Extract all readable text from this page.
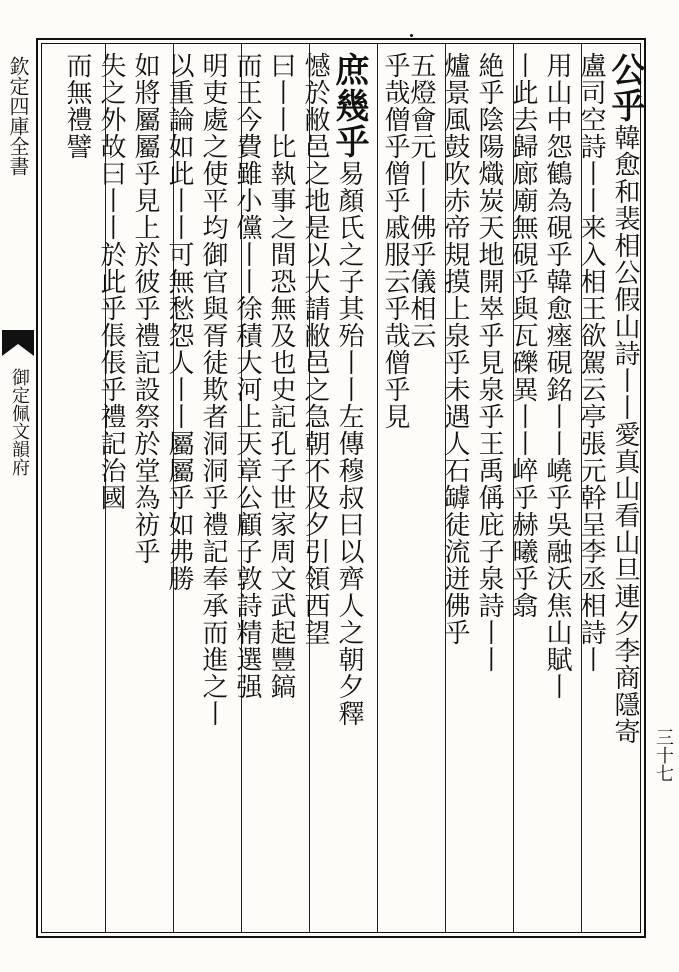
欽定四庫全書
御定佩文韻府
公乎韓愈和裴相公假山詩丨丨愛真山看山旦連夕李商隱寄
盧司空詩丨丨来入相王欲駕云亭張元幹呈李丞相詩丨
用山中怨鶴為硯乎韓愈瘞硯銘丨丨嶢乎吳融沃焦山賦丨
丨此去歸廊廟無硯乎與瓦礫異丨丨崪乎赫曦乎翕
絶乎陰陽熾炭天地開崒乎見泉乎王禹偁庇子泉詩丨丨
爐景風鼓吹赤帝規摸上泉乎未遇人石罅徒流迸佛乎
五燈會元丨丨佛乎儀相云
乎哉僧乎僧乎戚服云乎哉僧乎見
庶幾乎易顏氏之子其殆丨丨左傳穆叔曰以齊人之朝夕釋
憾於敝邑之地是以大請敝邑之急朝不及夕引領西望
曰丨丨比執事之間恐無及也史記孔子世家周文武起豐鎬
而王今費雖小儻丨丨徐積大河上天章公顧子敦詩精選强
明吏處之使平均御官與胥徒欺者洞洞乎禮記奉承而進之丨
以重論如此丨丨可無愁怨人丨丨屬屬乎如弗勝
如將屬屬乎見上於彼乎禮記設祭於堂為祊乎
失之外故曰丨丨於此乎倀倀乎禮記治國
而無禮譬
三十七
